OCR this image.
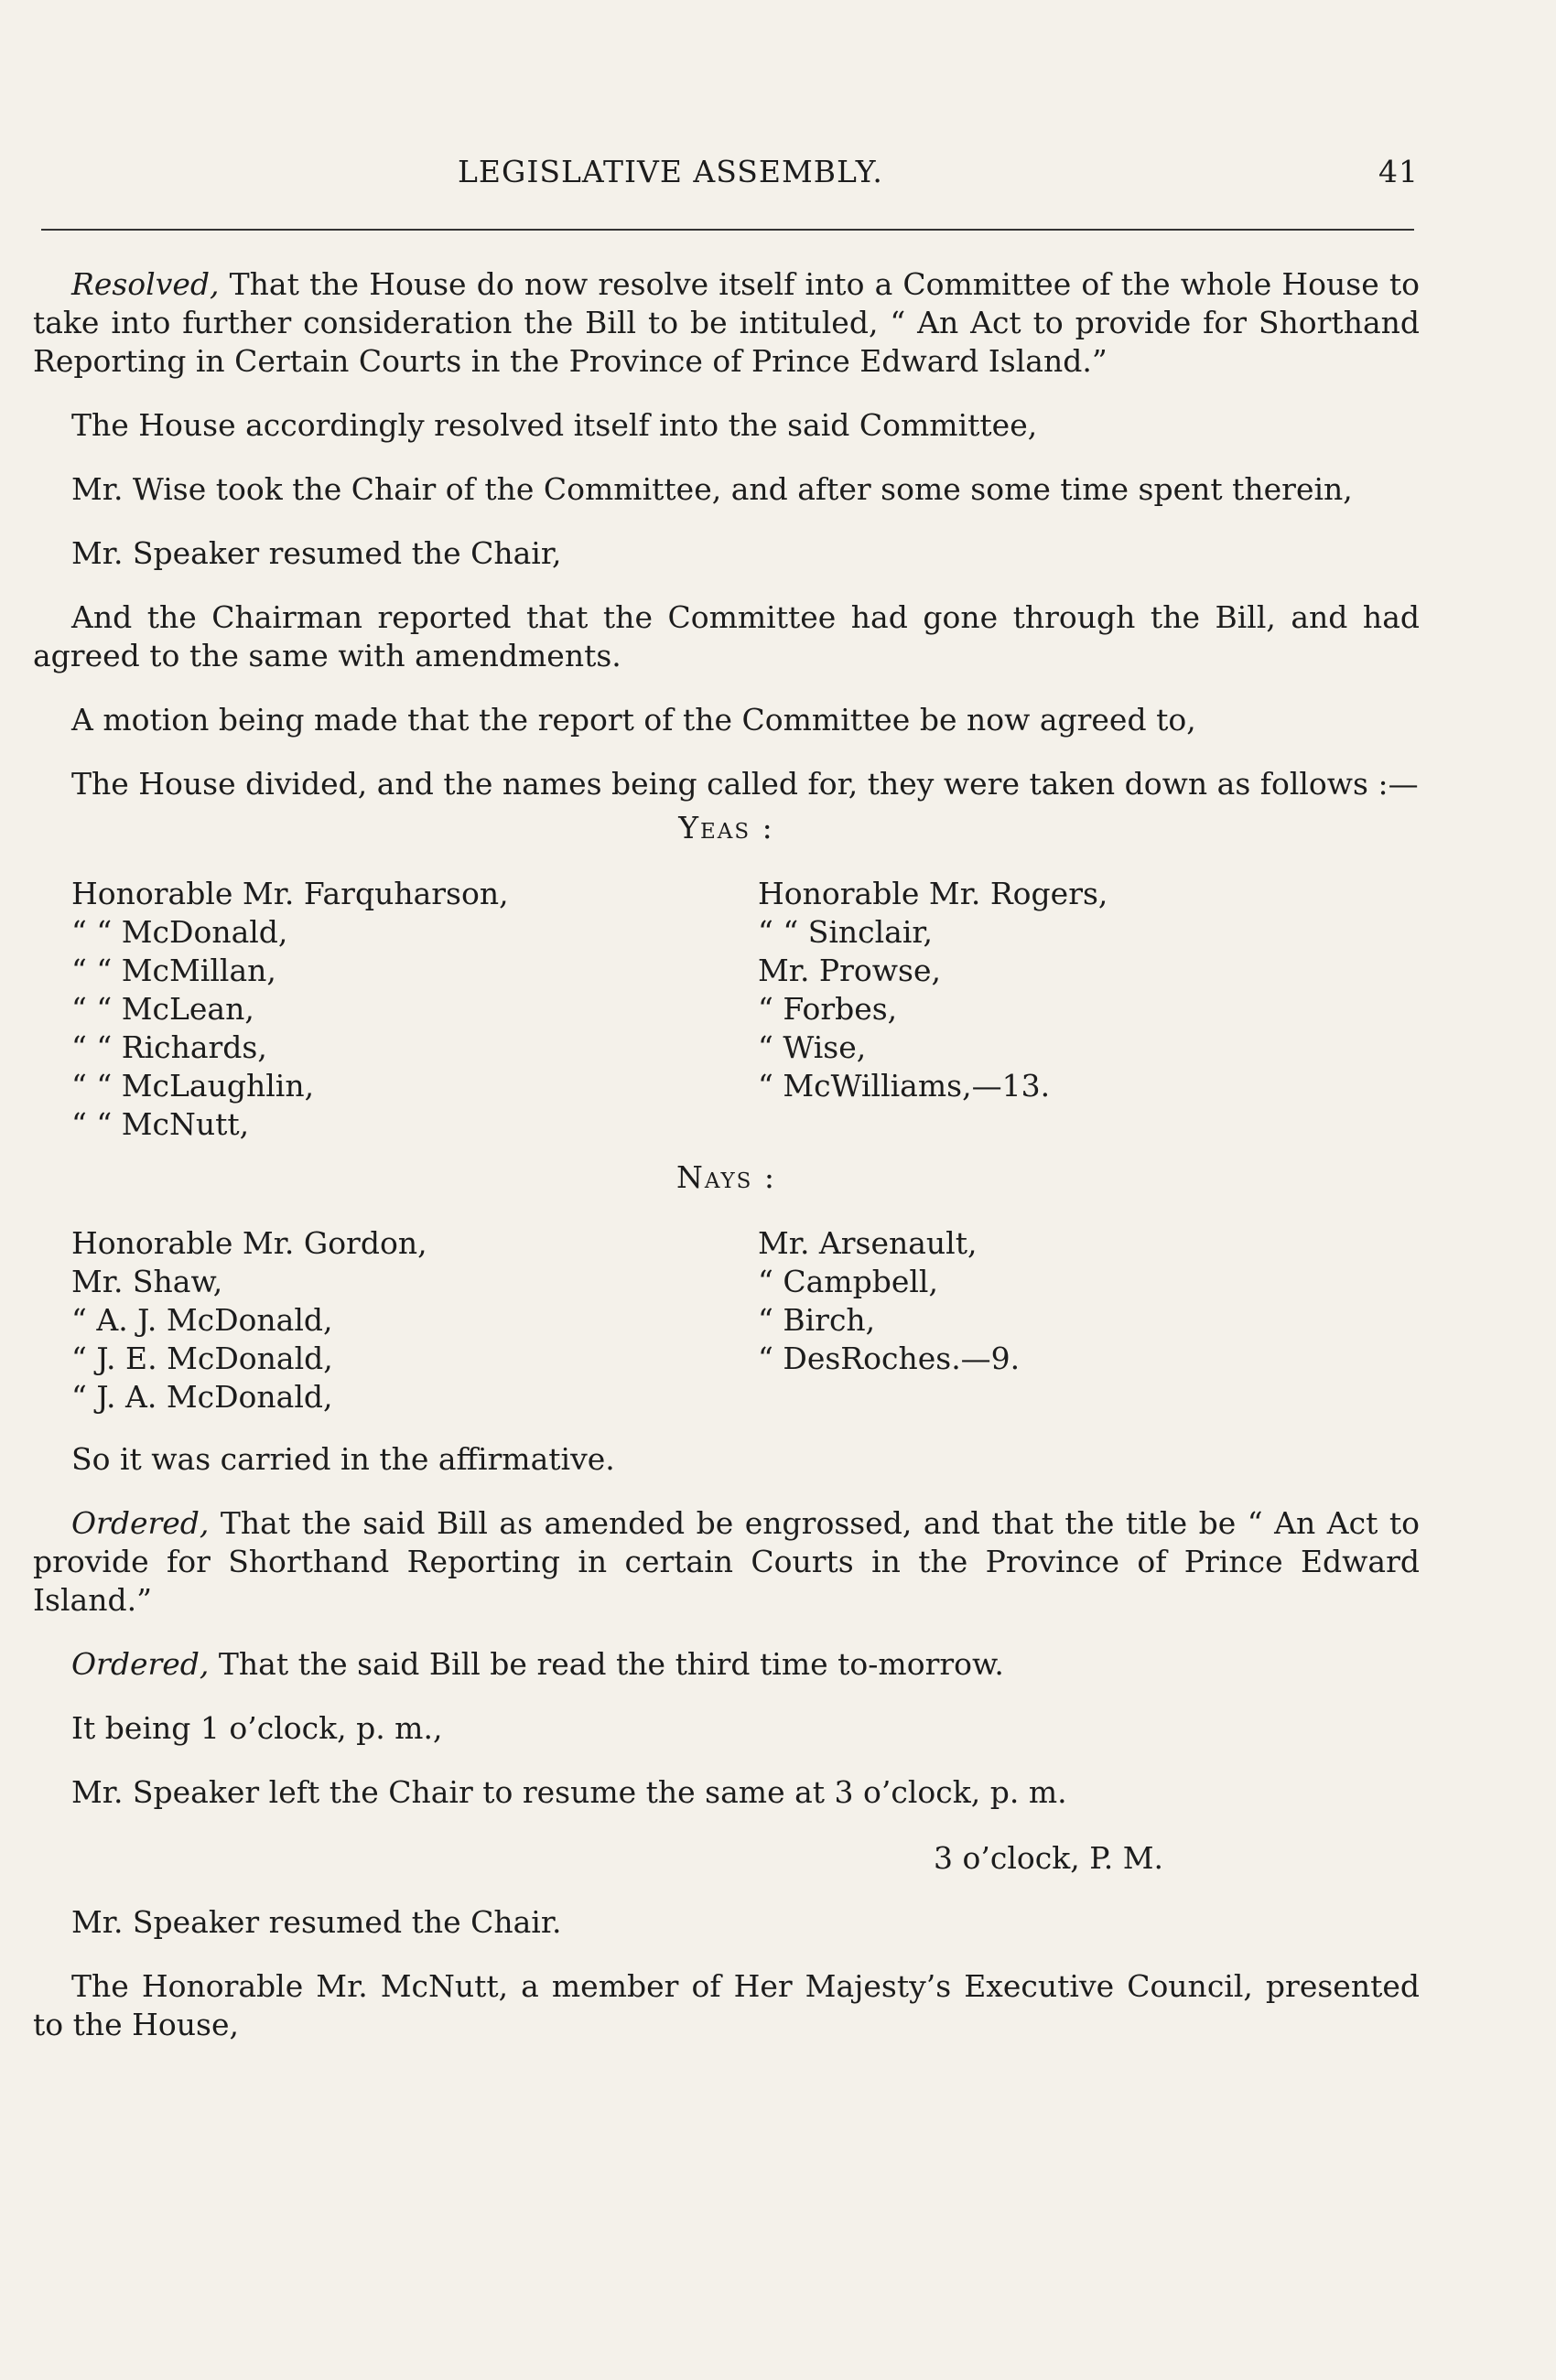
LEGISLATIVE ASSEMBLY.	41

Resolved, That the House do now resolve itself into a Committee of the whole House to take into further consideration the Bill to be intituled, “ An Act to provide for Shorthand Reporting in Certain Courts in the Province of Prince Edward Island.”

The House accordingly resolved itself into the said Committee,

Mr. Wise took the Chair of the Committee, and after some some time spent therein,

Mr. Speaker resumed the Chair,

And the Chairman reported that the Committee had gone through the Bill, and had agreed to the same with amendments.

A motion being made that the report of the Committee be now agreed to,

The House divided, and the names being called for, they were taken down as follows :—

Yeas :
Honorable Mr. Farquharson,
“ “ McDonald,
“ “ McMillan,
“ “ McLean,
“ “ Richards,
“ “ McLaughlin,
“ “ McNutt,
Honorable Mr. Rogers,
“ “ Sinclair,
Mr. Prowse,
“ Forbes,
“ Wise,
“ McWilliams,—13.
Nays :
Honorable Mr. Gordon,
Mr. Shaw,
“ A. J. McDonald,
“ J. E. McDonald,
“ J. A. McDonald,
Mr. Arsenault,
“ Campbell,
“ Birch,
“ DesRoches.—9.

So it was carried in the affirmative.

Ordered, That the said Bill as amended be engrossed, and that the title be “ An Act to provide for Shorthand Reporting in certain Courts in the Province of Prince Edward Island.”

Ordered, That the said Bill be read the third time to-morrow.

It being 1 o’clock, p. m.,

Mr. Speaker left the Chair to resume the same at 3 o’clock, p. m.

3 o’clock, P. M.

Mr. Speaker resumed the Chair.

The Honorable Mr. McNutt, a member of Her Majesty’s Executive Council, presented to the House,
